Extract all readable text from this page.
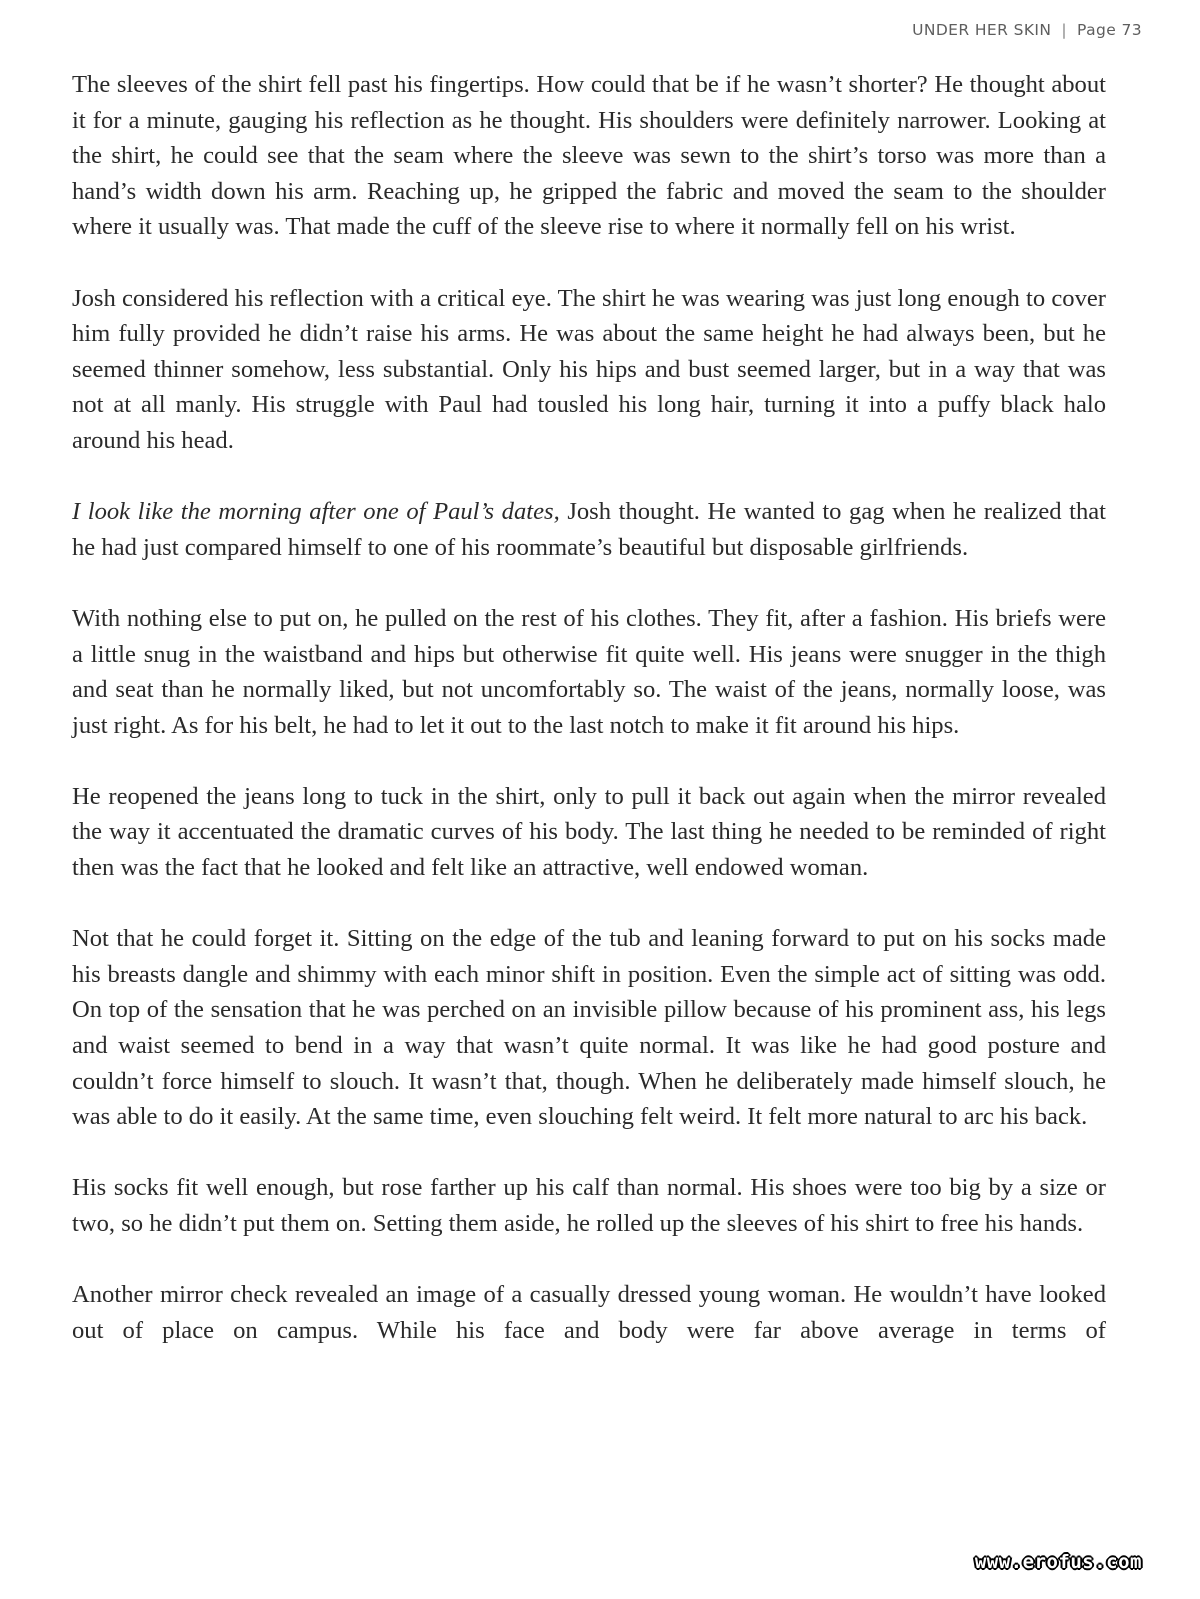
UNDER HER SKIN | Page 73

The sleeves of the shirt fell past his fingertips. How could that be if he wasn’t shorter? He thought about it for a minute, gauging his reflection as he thought. His shoulders were definitely narrower. Looking at the shirt, he could see that the seam where the sleeve was sewn to the shirt’s torso was more than a hand’s width down his arm. Reaching up, he gripped the fabric and moved the seam to the shoulder where it usually was. That made the cuff of the sleeve rise to where it normally fell on his wrist.

Josh considered his reflection with a critical eye. The shirt he was wearing was just long enough to cover him fully provided he didn’t raise his arms. He was about the same height he had always been, but he seemed thinner somehow, less substantial. Only his hips and bust seemed larger, but in a way that was not at all manly. His struggle with Paul had tousled his long hair, turning it into a puffy black halo around his head.

I look like the morning after one of Paul’s dates, Josh thought. He wanted to gag when he realized that he had just compared himself to one of his roommate’s beautiful but disposable girlfriends.

With nothing else to put on, he pulled on the rest of his clothes. They fit, after a fashion. His briefs were a little snug in the waistband and hips but otherwise fit quite well. His jeans were snugger in the thigh and seat than he normally liked, but not uncomfortably so. The waist of the jeans, normally loose, was just right. As for his belt, he had to let it out to the last notch to make it fit around his hips.

He reopened the jeans long to tuck in the shirt, only to pull it back out again when the mirror revealed the way it accentuated the dramatic curves of his body. The last thing he needed to be reminded of right then was the fact that he looked and felt like an attractive, well endowed woman.

Not that he could forget it. Sitting on the edge of the tub and leaning forward to put on his socks made his breasts dangle and shimmy with each minor shift in position. Even the simple act of sitting was odd. On top of the sensation that he was perched on an invisible pillow because of his prominent ass, his legs and waist seemed to bend in a way that wasn’t quite normal. It was like he had good posture and couldn’t force himself to slouch. It wasn’t that, though. When he deliberately made himself slouch, he was able to do it easily. At the same time, even slouching felt weird. It felt more natural to arc his back.

His socks fit well enough, but rose farther up his calf than normal. His shoes were too big by a size or two, so he didn’t put them on. Setting them aside, he rolled up the sleeves of his shirt to free his hands.

Another mirror check revealed an image of a casually dressed young woman. He wouldn’t have looked out of place on campus. While his face and body were far above average in terms of

www.erofus.com
